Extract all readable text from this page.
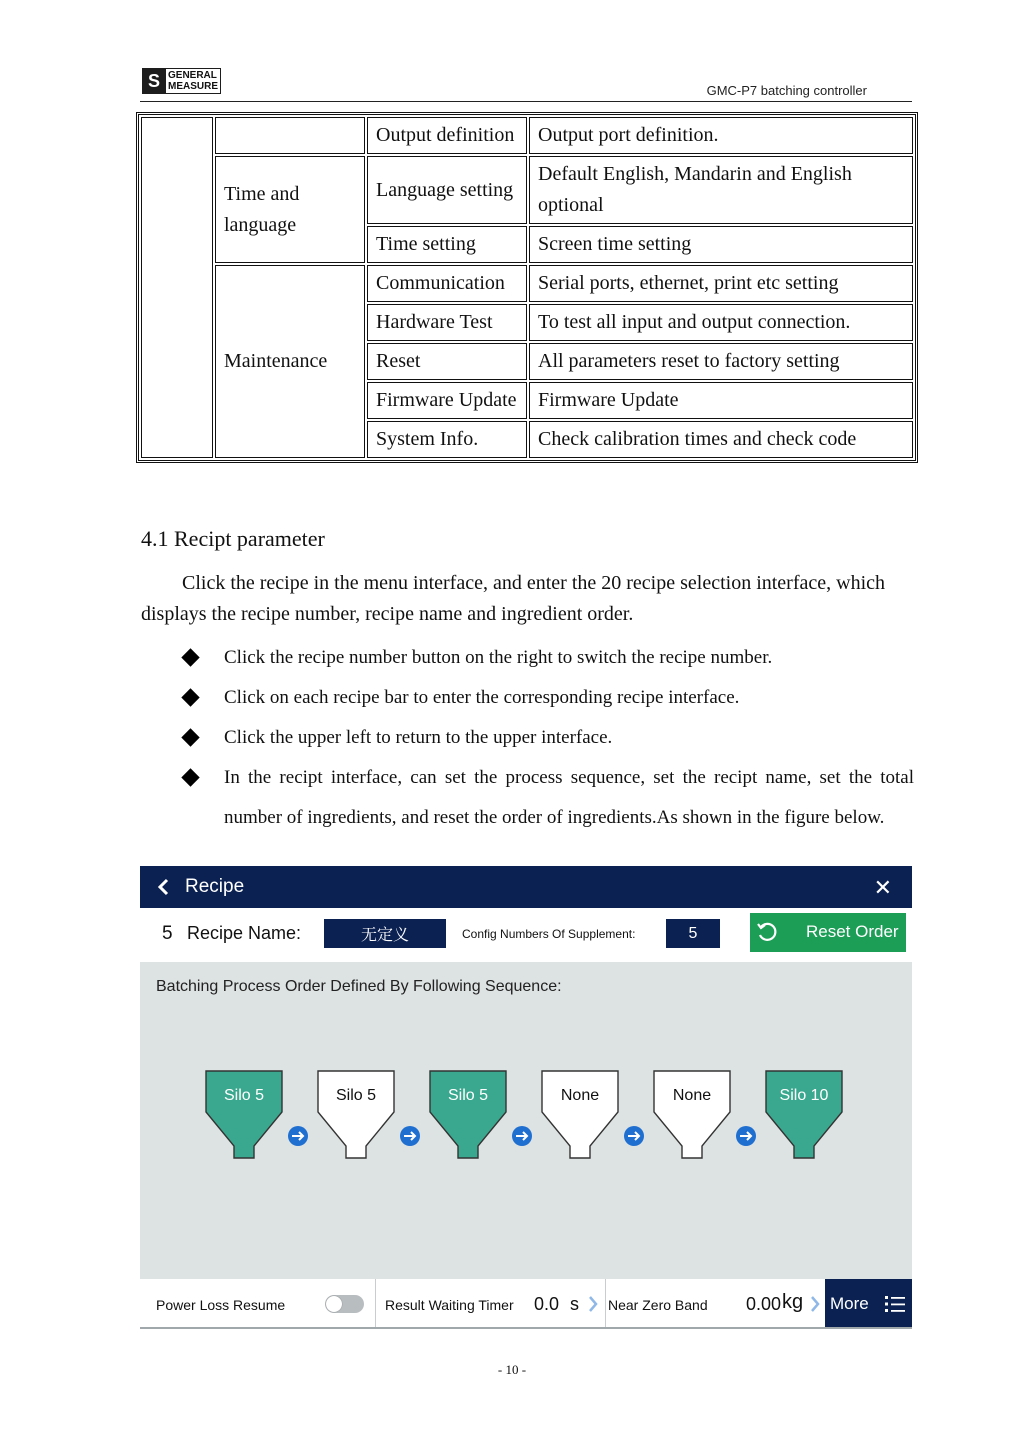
S GENERAL
MEASURE	GMC-P7 batching controller
		Output definition	Output port definition.
	Time and language	Language setting	Default English, Mandarin and English optional
		Time setting	Screen time setting
	Maintenance	Communication	Serial ports, ethernet, print etc setting
		Hardware Test	To test all input and output connection.
		Reset	All parameters reset to factory setting
		Firmware Update	Firmware Update
		System Info.	Check calibration times and check code
4.1 Recipt parameter

Click the recipe in the menu interface, and enter the 20 recipe selection interface, which displays the recipe number, recipe name and ingredient order.

Click the recipe number button on the right to switch the recipe number.
Click on each recipe bar to enter the corresponding recipe interface.
Click the upper left to return to the upper interface.
In the recipt interface, can set the process sequence, set the recipt name, set the total number of ingredients, and reset the order of ingredients.As shown in the figure below.
Recipe	✕
5 Recipe Name:	无定义	Config Numbers Of Supplement:	5	Reset Order
Batching Process Order Defined By Following Sequence:
Silo 5	Silo 5	Silo 5	None	None	Silo 10
Power Loss Resume	Result Waiting Timer 0.0 s Near Zero Band 0.00 kg More
- 10 -
